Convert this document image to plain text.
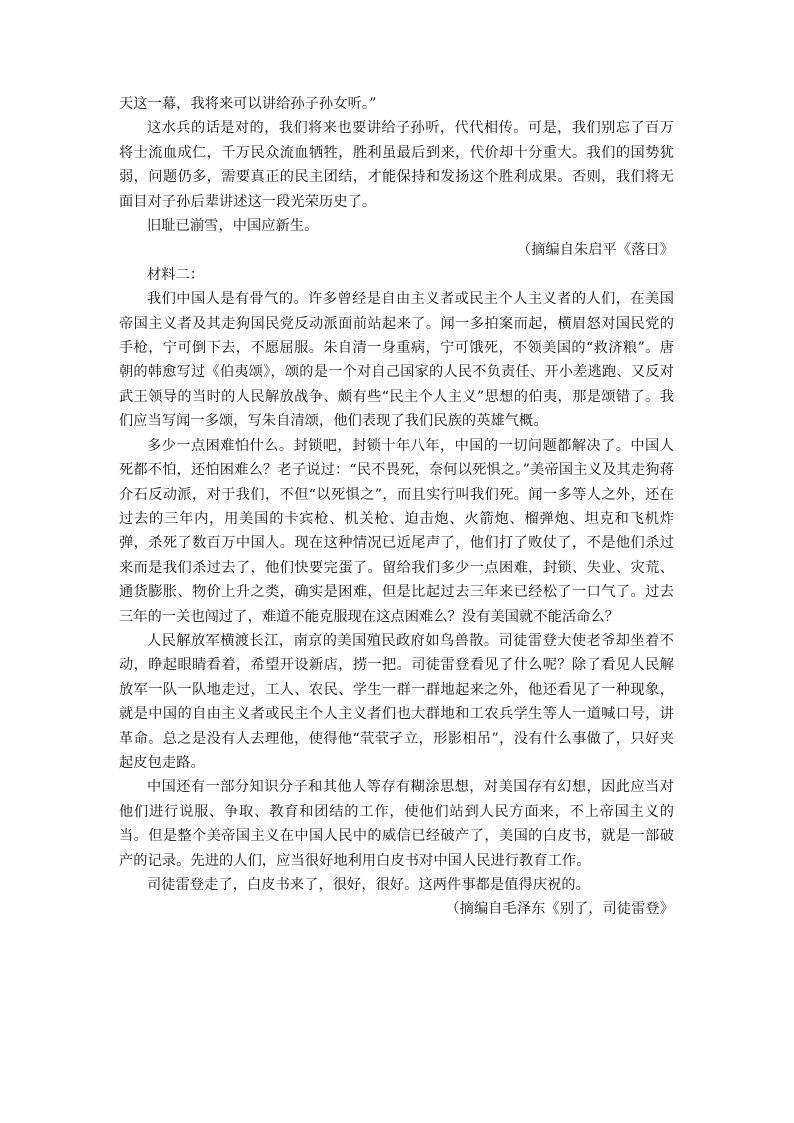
天这一幕，我将来可以讲给孙子孙女听。”

这水兵的话是对的，我们将来也要讲给子孙听，代代相传。可是，我们别忘了百万将士流血成仁，千万民众流血牺牲，胜利虽最后到来，代价却十分重大。我们的国势犹弱，问题仍多，需要真正的民主团结，才能保持和发扬这个胜利成果。否则，我们将无面目对子孙后辈讲述这一段光荣历史了。

旧耻已湔雪，中国应新生。

（摘编自朱启平《落日》

材料二：

我们中国人是有骨气的。许多曾经是自由主义者或民主个人主义者的人们，在美国帝国主义者及其走狗国民党反动派面前站起来了。闻一多拍案而起，横眉怒对国民党的手枪，宁可倒下去，不愿屈服。朱自清一身重病，宁可饿死，不领美国的“救济粮”。唐朝的韩愈写过《伯夷颂》，颂的是一个对自己国家的人民不负责任、开小差逃跑、又反对武王领导的当时的人民解放战争、颇有些“民主个人主义”思想的伯夷，那是颂错了。我们应当写闻一多颂，写朱自清颂，他们表现了我们民族的英雄气概。

多少一点困难怕什么。封锁吧，封锁十年八年，中国的一切问题都解决了。中国人死都不怕，还怕困难么？老子说过：“民不畏死，奈何以死惧之。”美帝国主义及其走狗蒋介石反动派，对于我们，不但“以死惧之”，而且实行叫我们死。闻一多等人之外，还在过去的三年内，用美国的卡宾枪、机关枪、迫击炮、火箭炮、榴弹炮、坦克和飞机炸弹，杀死了数百万中国人。现在这种情况已近尾声了，他们打了败仗了，不是他们杀过来而是我们杀过去了，他们快要完蛋了。留给我们多少一点困难，封锁、失业、灾荒、通货膨胀、物价上升之类，确实是困难，但是比起过去三年来已经松了一口气了。过去三年的一关也闯过了，难道不能克服现在这点困难么？没有美国就不能活命么？

人民解放军横渡长江，南京的美国殖民政府如鸟兽散。司徒雷登大使老爷却坐着不动，睁起眼睛看着，希望开设新店，捞一把。司徒雷登看见了什么呢？除了看见人民解放军一队一队地走过，工人、农民、学生一群一群地起来之外，他还看见了一种现象，就是中国的自由主义者或民主个人主义者们也大群地和工农兵学生等人一道喊口号，讲革命。总之是没有人去理他，使得他“茕茕孑立，形影相吊”，没有什么事做了，只好夹起皮包走路。

中国还有一部分知识分子和其他人等存有糊涂思想，对美国存有幻想，因此应当对他们进行说服、争取、教育和团结的工作，使他们站到人民方面来，不上帝国主义的当。但是整个美帝国主义在中国人民中的威信已经破产了，美国的白皮书，就是一部破产的记录。先进的人们，应当很好地利用白皮书对中国人民进行教育工作。

司徒雷登走了，白皮书来了，很好，很好。这两件事都是值得庆祝的。

（摘编自毛泽东《别了，司徒雷登》
